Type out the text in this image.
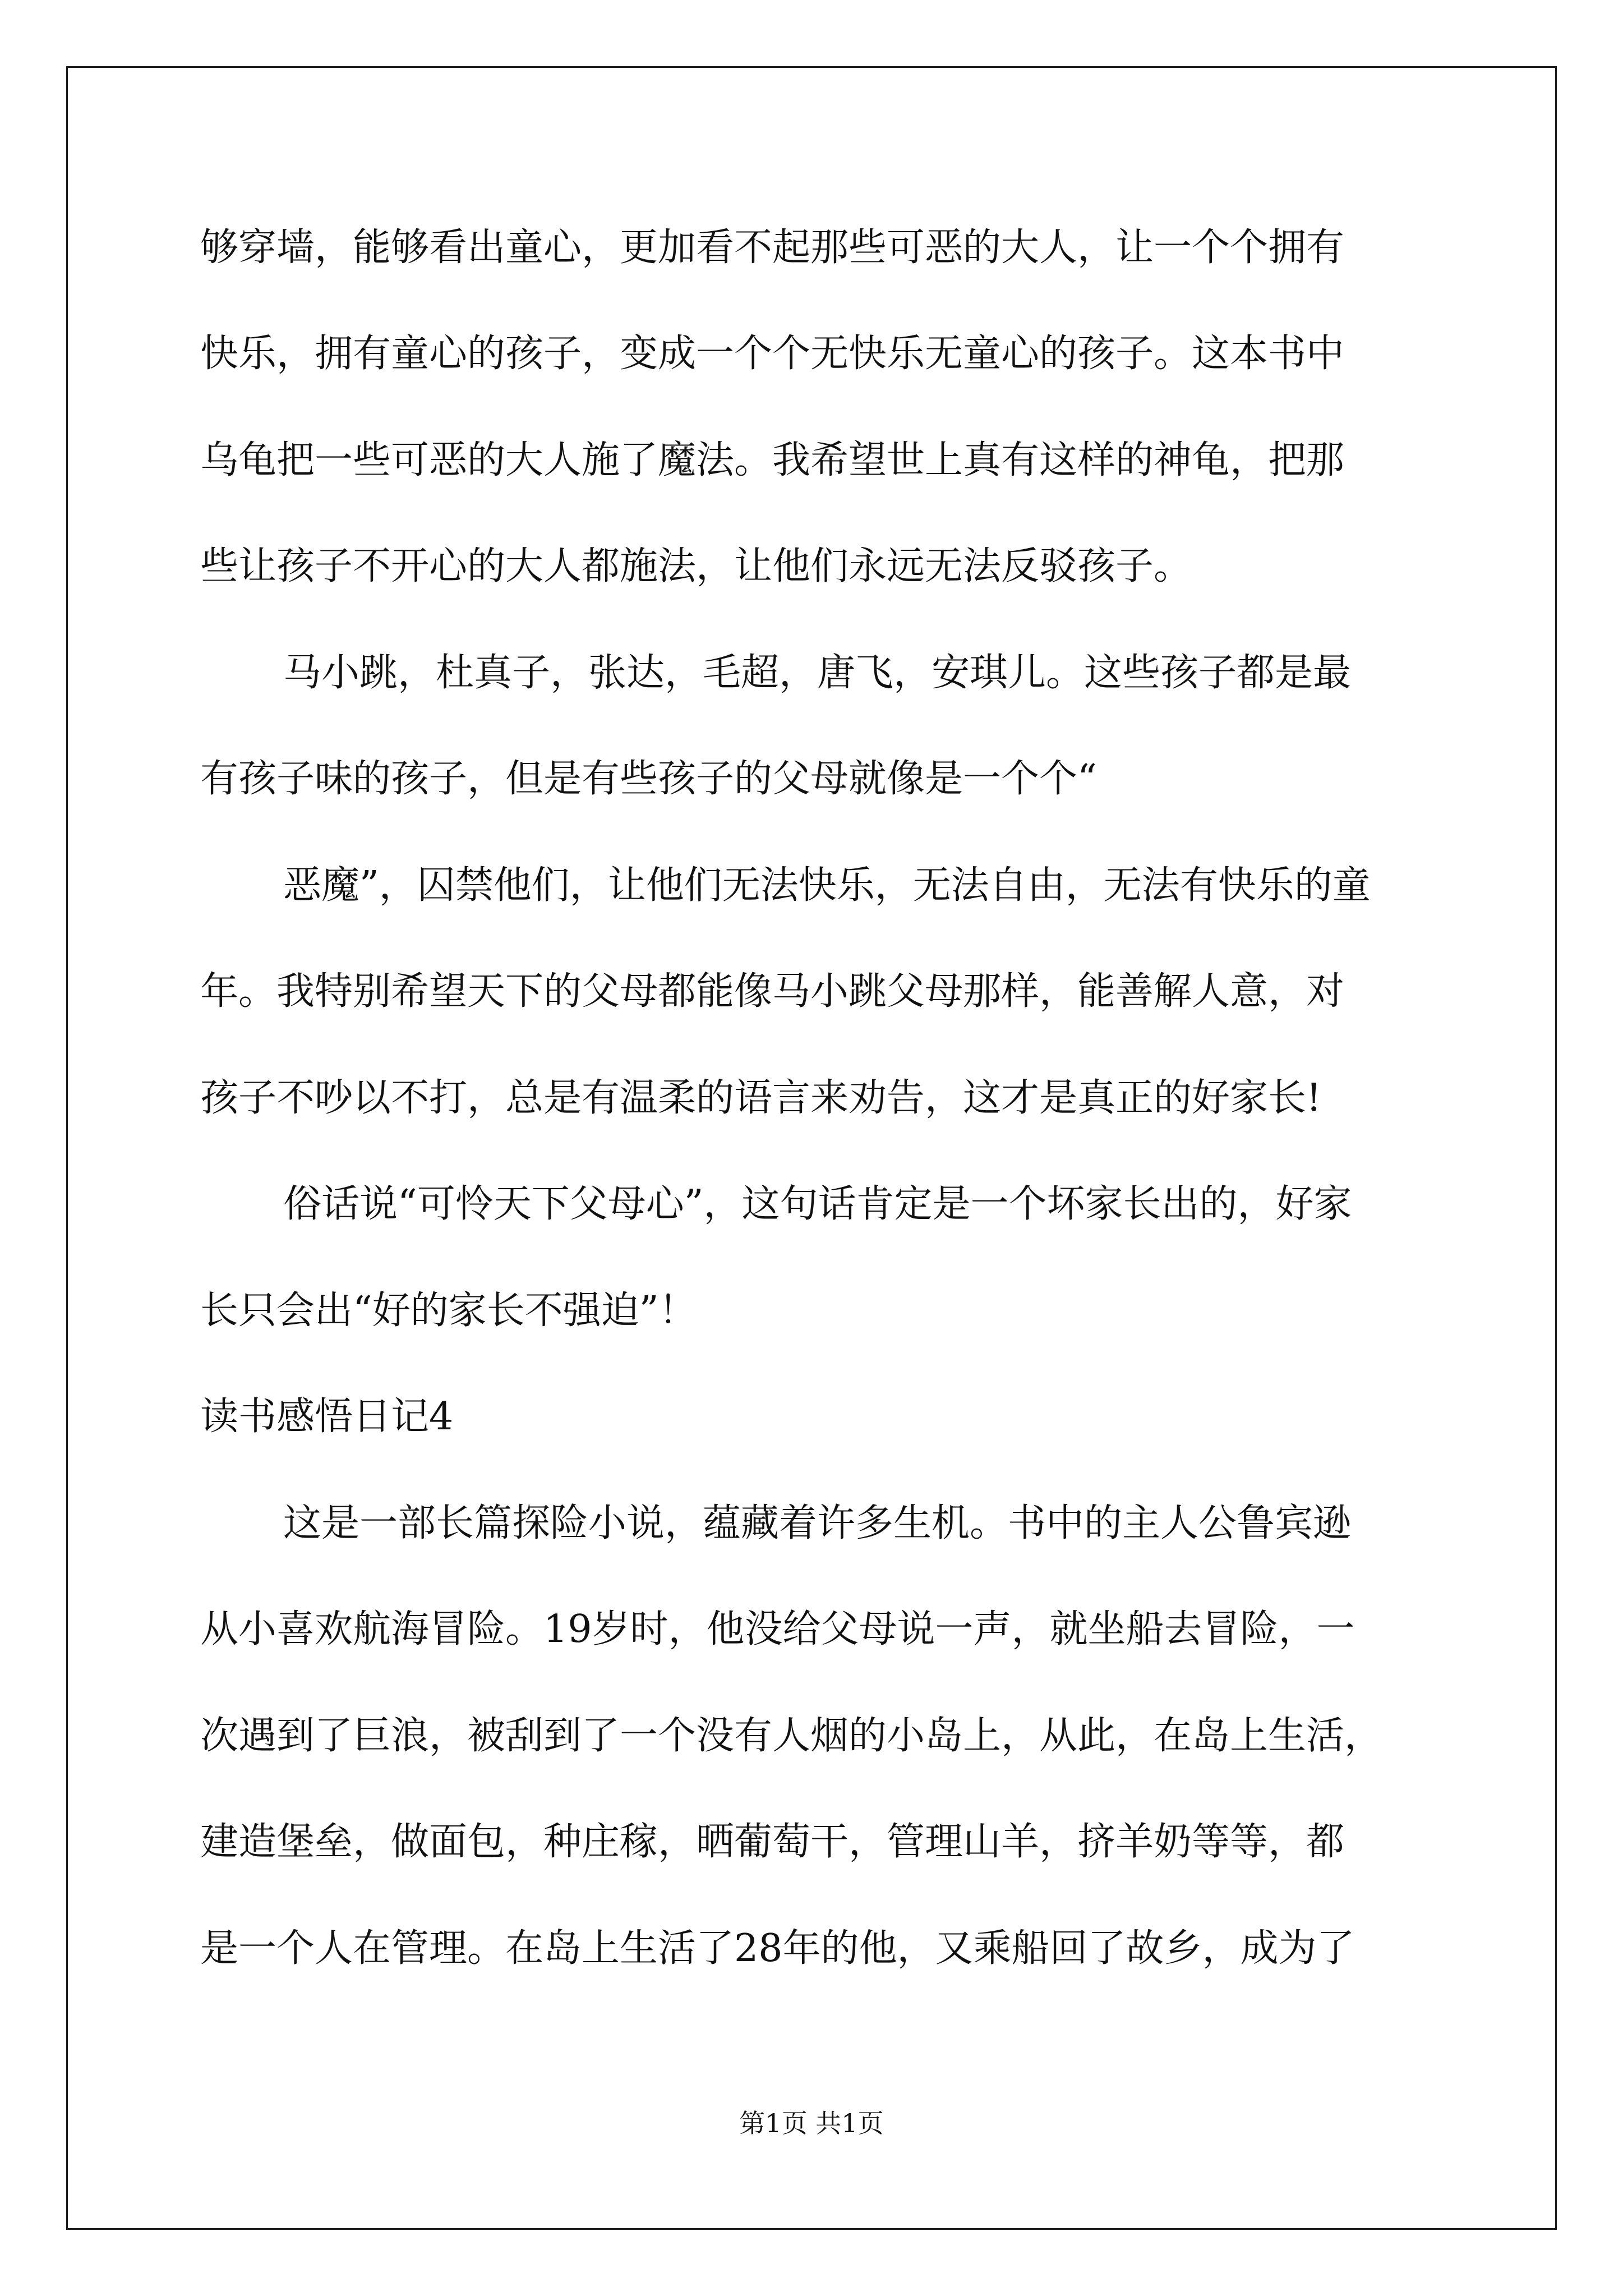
够穿墙，能够看出童心，更加看不起那些可恶的大人，让一个个拥有
快乐，拥有童心的孩子，变成一个个无快乐无童心的孩子。这本书中
乌龟把一些可恶的大人施了魔法。我希望世上真有这样的神龟，把那
些让孩子不开心的大人都施法，让他们永远无法反驳孩子。
马小跳，杜真子，张达，毛超，唐飞，安琪儿。这些孩子都是最
有孩子味的孩子，但是有些孩子的父母就像是一个个“
恶魔”，囚禁他们，让他们无法快乐，无法自由，无法有快乐的童
年。我特别希望天下的父母都能像马小跳父母那样，能善解人意，对
孩子不吵以不打，总是有温柔的语言来劝告，这才是真正的好家长!
俗话说“可怜天下父母心”，这句话肯定是一个坏家长出的，好家
长只会出“好的家长不强迫”！
读书感悟日记4
这是一部长篇探险小说，蕴藏着许多生机。书中的主人公鲁宾逊
从小喜欢航海冒险。19岁时，他没给父母说一声，就坐船去冒险，一
次遇到了巨浪，被刮到了一个没有人烟的小岛上，从此，在岛上生活，
建造堡垒，做面包，种庄稼，晒葡萄干，管理山羊，挤羊奶等等，都
是一个人在管理。在岛上生活了28年的他，又乘船回了故乡，成为了
第1页 共1页
